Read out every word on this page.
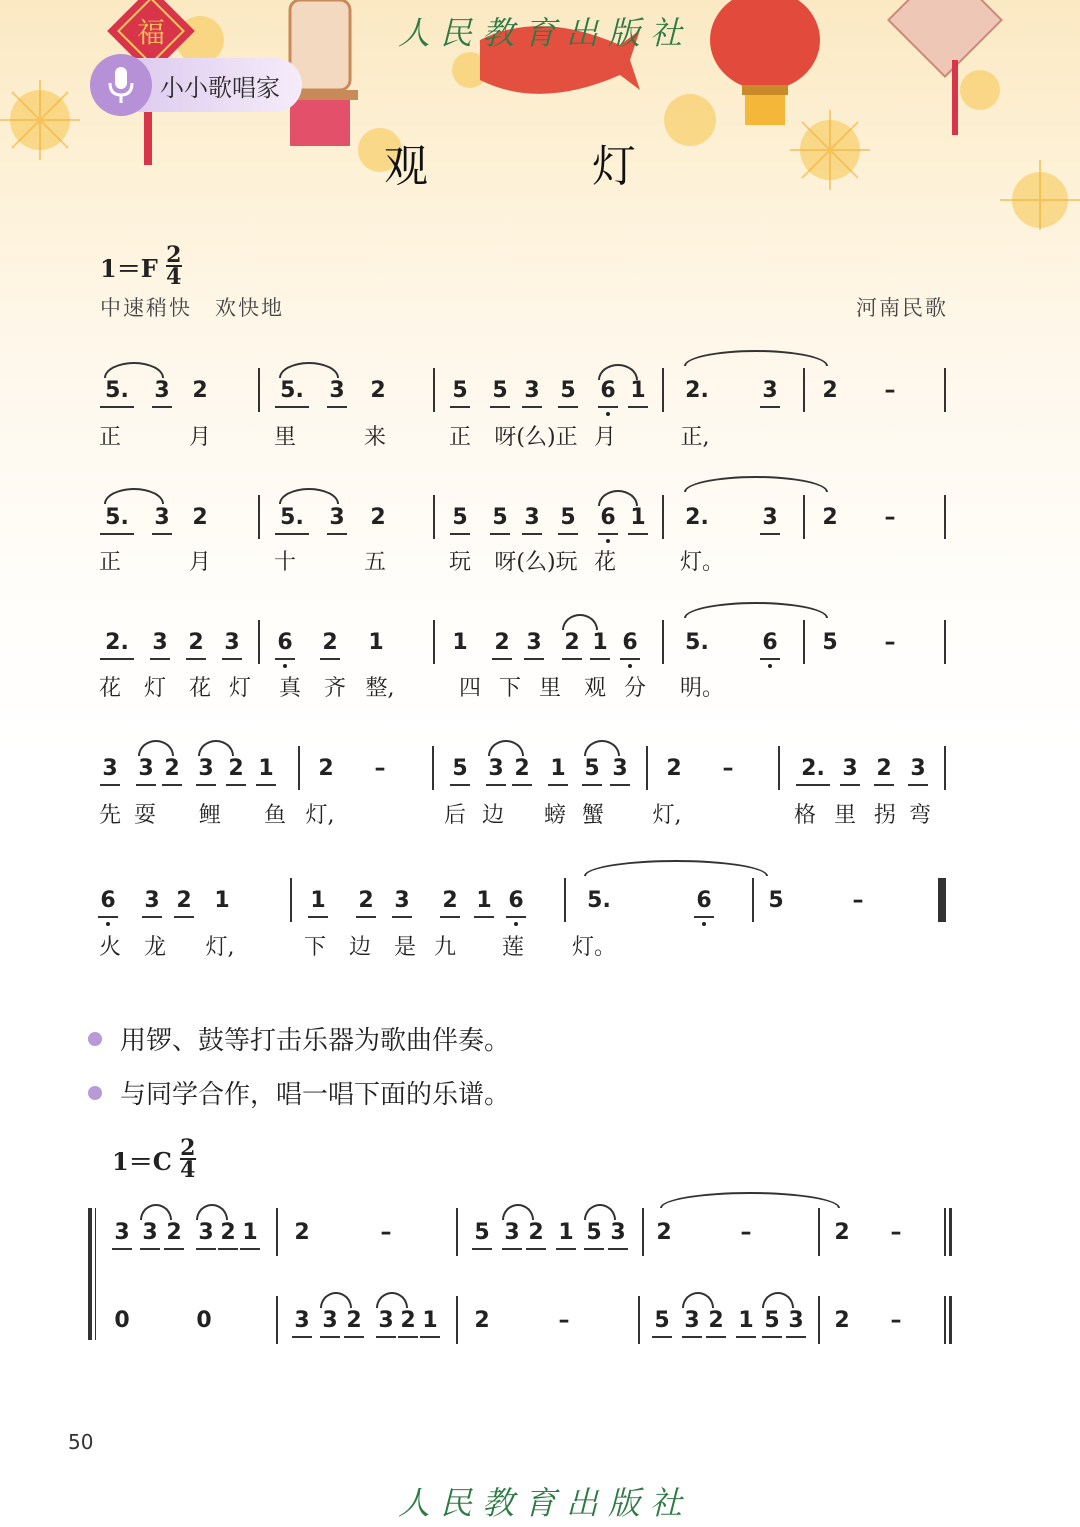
福	人民教育出版社
小小歌唱家
观　灯
$1=F \frac{2}{4}$
中速稍快　欢快地	河南民歌
5. 3 2	5. 3 2	5 5 3 5 6 1 2. 3 2 –
正	月	里	来	正 呀(么)正 月	正,
5. 3 2	5. 3 2	5 5 3 5 6 1 2. 3 2 –
正	月	十	五	玩 呀(么)玩 花	灯。
2. 3 2 3 6 2 1	1 2 3 2 1 6 5. 6 5 –
花 灯 花 灯 真 齐 整,	四 下 里 观 分 明。
3 3 2 3 2 1 2 –	5 3 2 1 5 3 2 –	2. 3 2 3
先 耍 鲤 鱼 灯,	后 边 螃 蟹 灯,	格 里 拐 弯
6 3 2 1	1 2 3 2 1 6	5.	6	5	–
火 龙 灯,	下 边 是 九 莲 灯。
用锣、鼓等打击乐器为歌曲伴奏。
与同学合作，唱一唱下面的乐谱。
$1=C \frac{2}{4}$
3 3 2 3 2 1 2	–	5 3 2 1 5 3 2	–	2 –
0	0	3 3 2 3 2 1 2	–	5 3 2 1 5 3 2 –
50
人民教育出版社
